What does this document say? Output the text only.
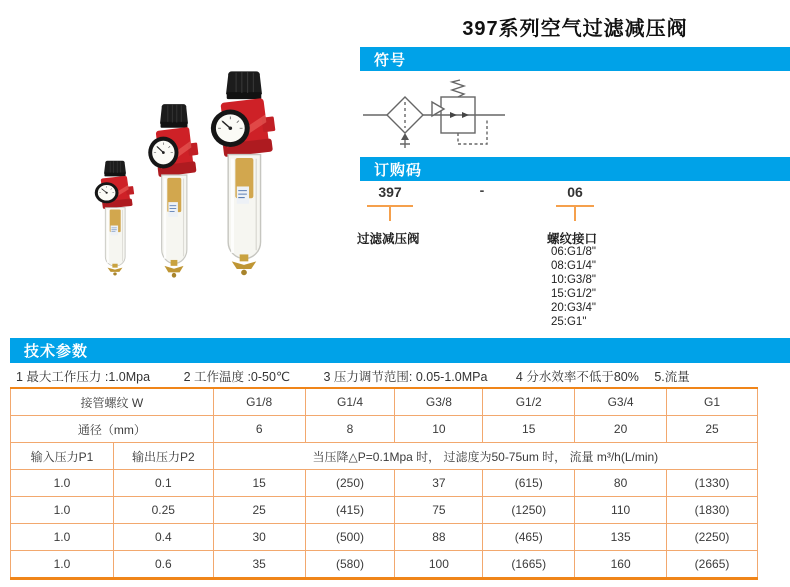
397系列空气过滤减压阀
符号
订购码
397	-	06
过滤减压阀	螺纹接口
06:G1/8"
08:G1/4"
10:G3/8"
15:G1/2"
20:G3/4"
25:G1"
技术参数
1 最大工作压力 :1.0Mpa	2 工作温度 :0-50℃	3 压力调节范围: 0.05-1.0MPa 4 分水效率不低于80% 5.流量
接管螺纹 W		G1/8	G1/4	G3/8	G1/2	G3/4	G1
通径（mm）		6	8	10	15	20	25
输入压力P1	输出压力P2	当压降△P=0.1Mpa 时， 过滤度为50-75um 时， 流量 m³/h(L/min)					
1.0	0.1	15	(250)	37	(615)	80	(1330)
1.0	0.25	25	(415)	75	(1250)	110	(1830)
1.0	0.4	30	(500)	88	(465)	135	(2250)
1.0	0.6	35	(580)	100	(1665)	160	(2665)
